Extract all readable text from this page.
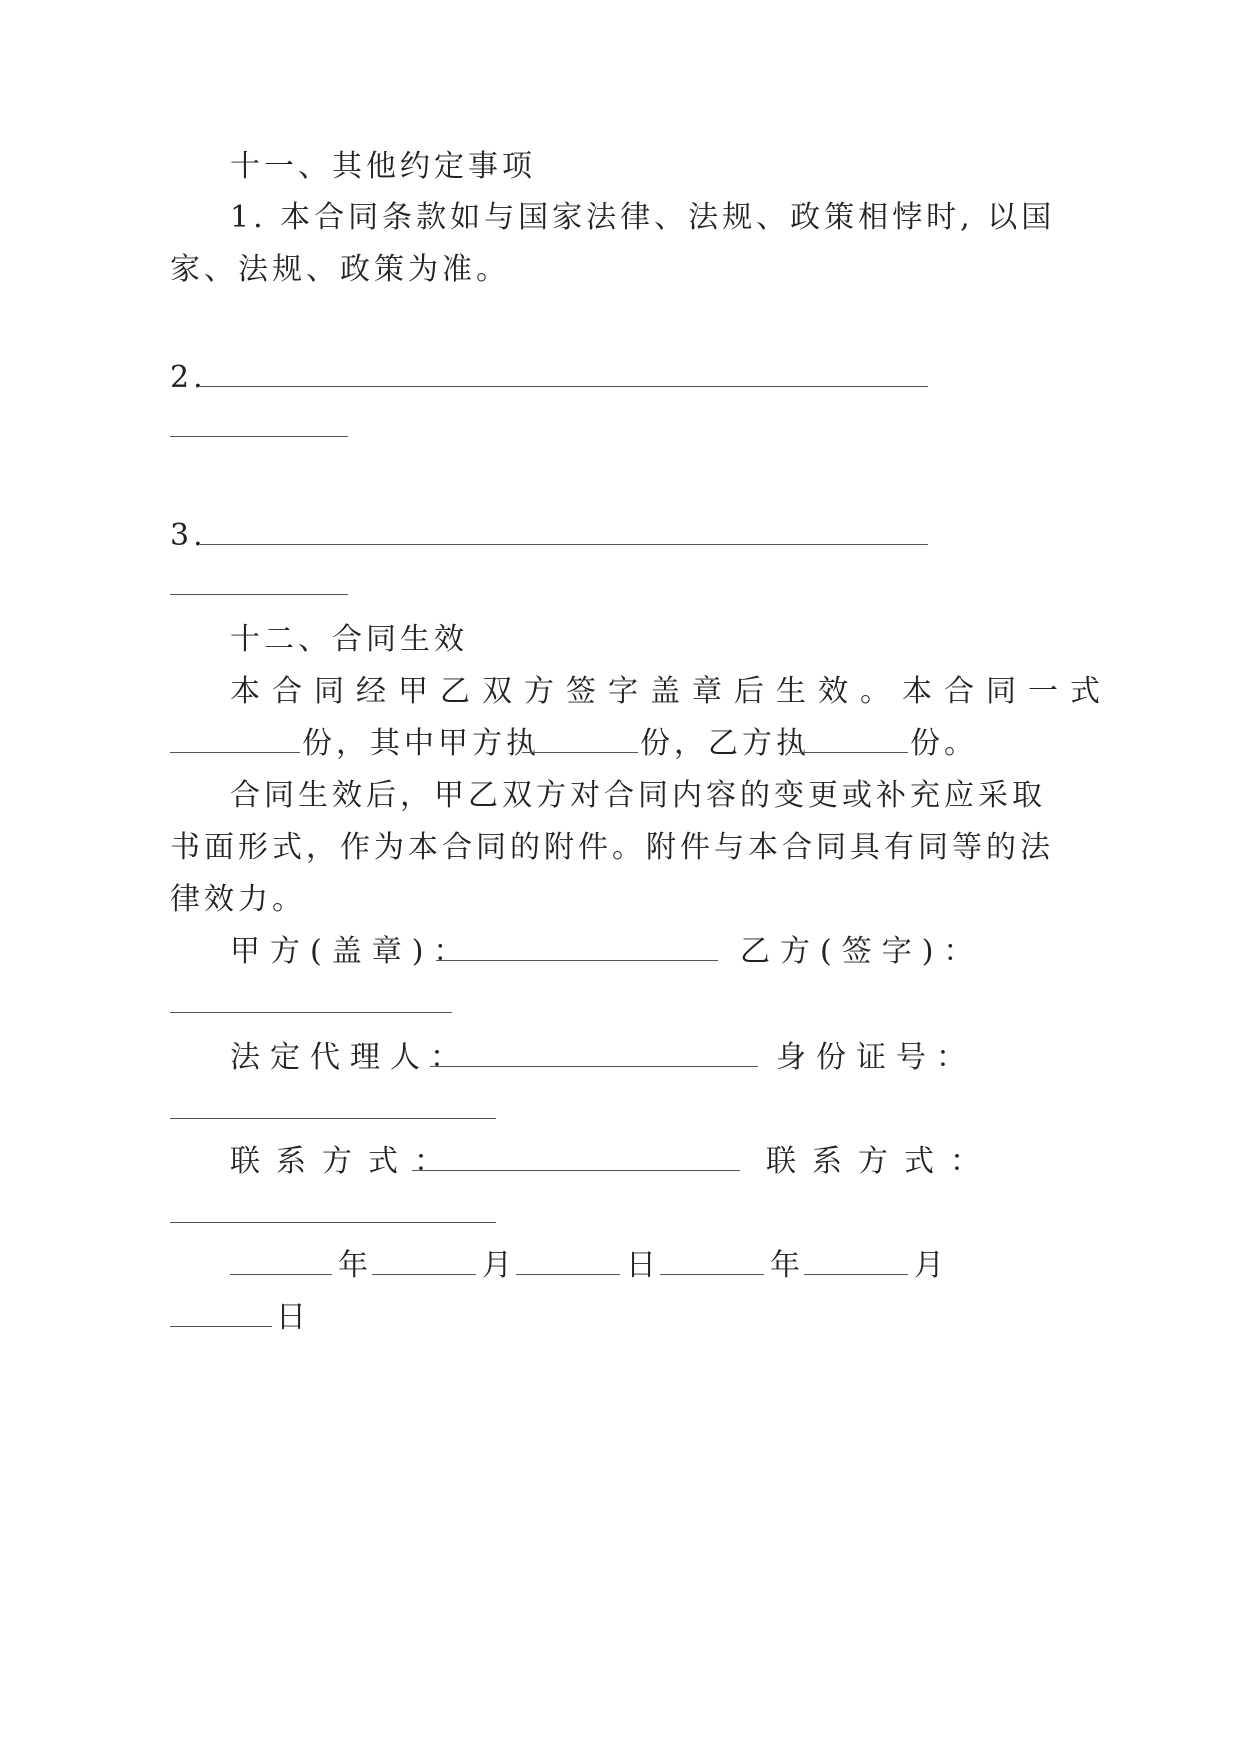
十一、其他约定事项
1. 本合同条款如与国家法律、法规、政策相悖时, 以国
家、法规、政策为准。
2.
3.
十二、合同生效
本合同经甲乙双方签字盖章后生效。本合同一式
份，其中甲方执	份，乙方执	份。
合同生效后，甲乙双方对合同内容的变更或补充应采取
书面形式，作为本合同的附件。附件与本合同具有同等的法
律效力。
甲方(盖章)：	乙方(签字)：
法定代理人：	身份证号：
联系方式：	联系方式：
年	月	日	年	月
日
